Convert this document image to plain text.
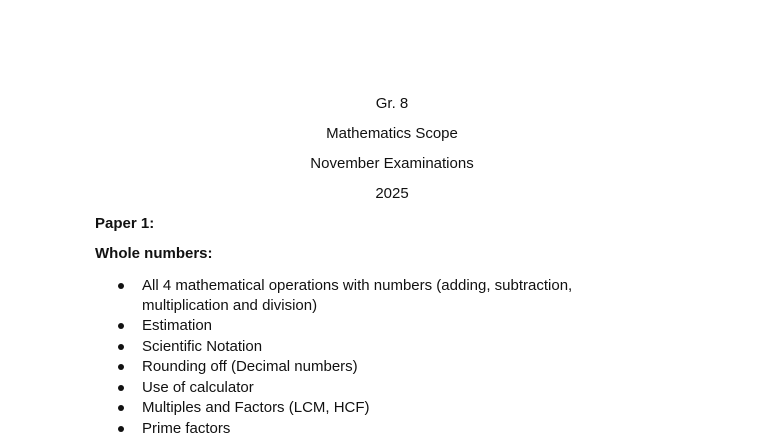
Gr. 8
Mathematics Scope
November Examinations
2025
Paper 1:
Whole numbers:
All 4 mathematical operations with numbers (adding, subtraction, multiplication and division)
Estimation
Scientific Notation
Rounding off (Decimal numbers)
Use of calculator
Multiples and Factors (LCM, HCF)
Prime factors
